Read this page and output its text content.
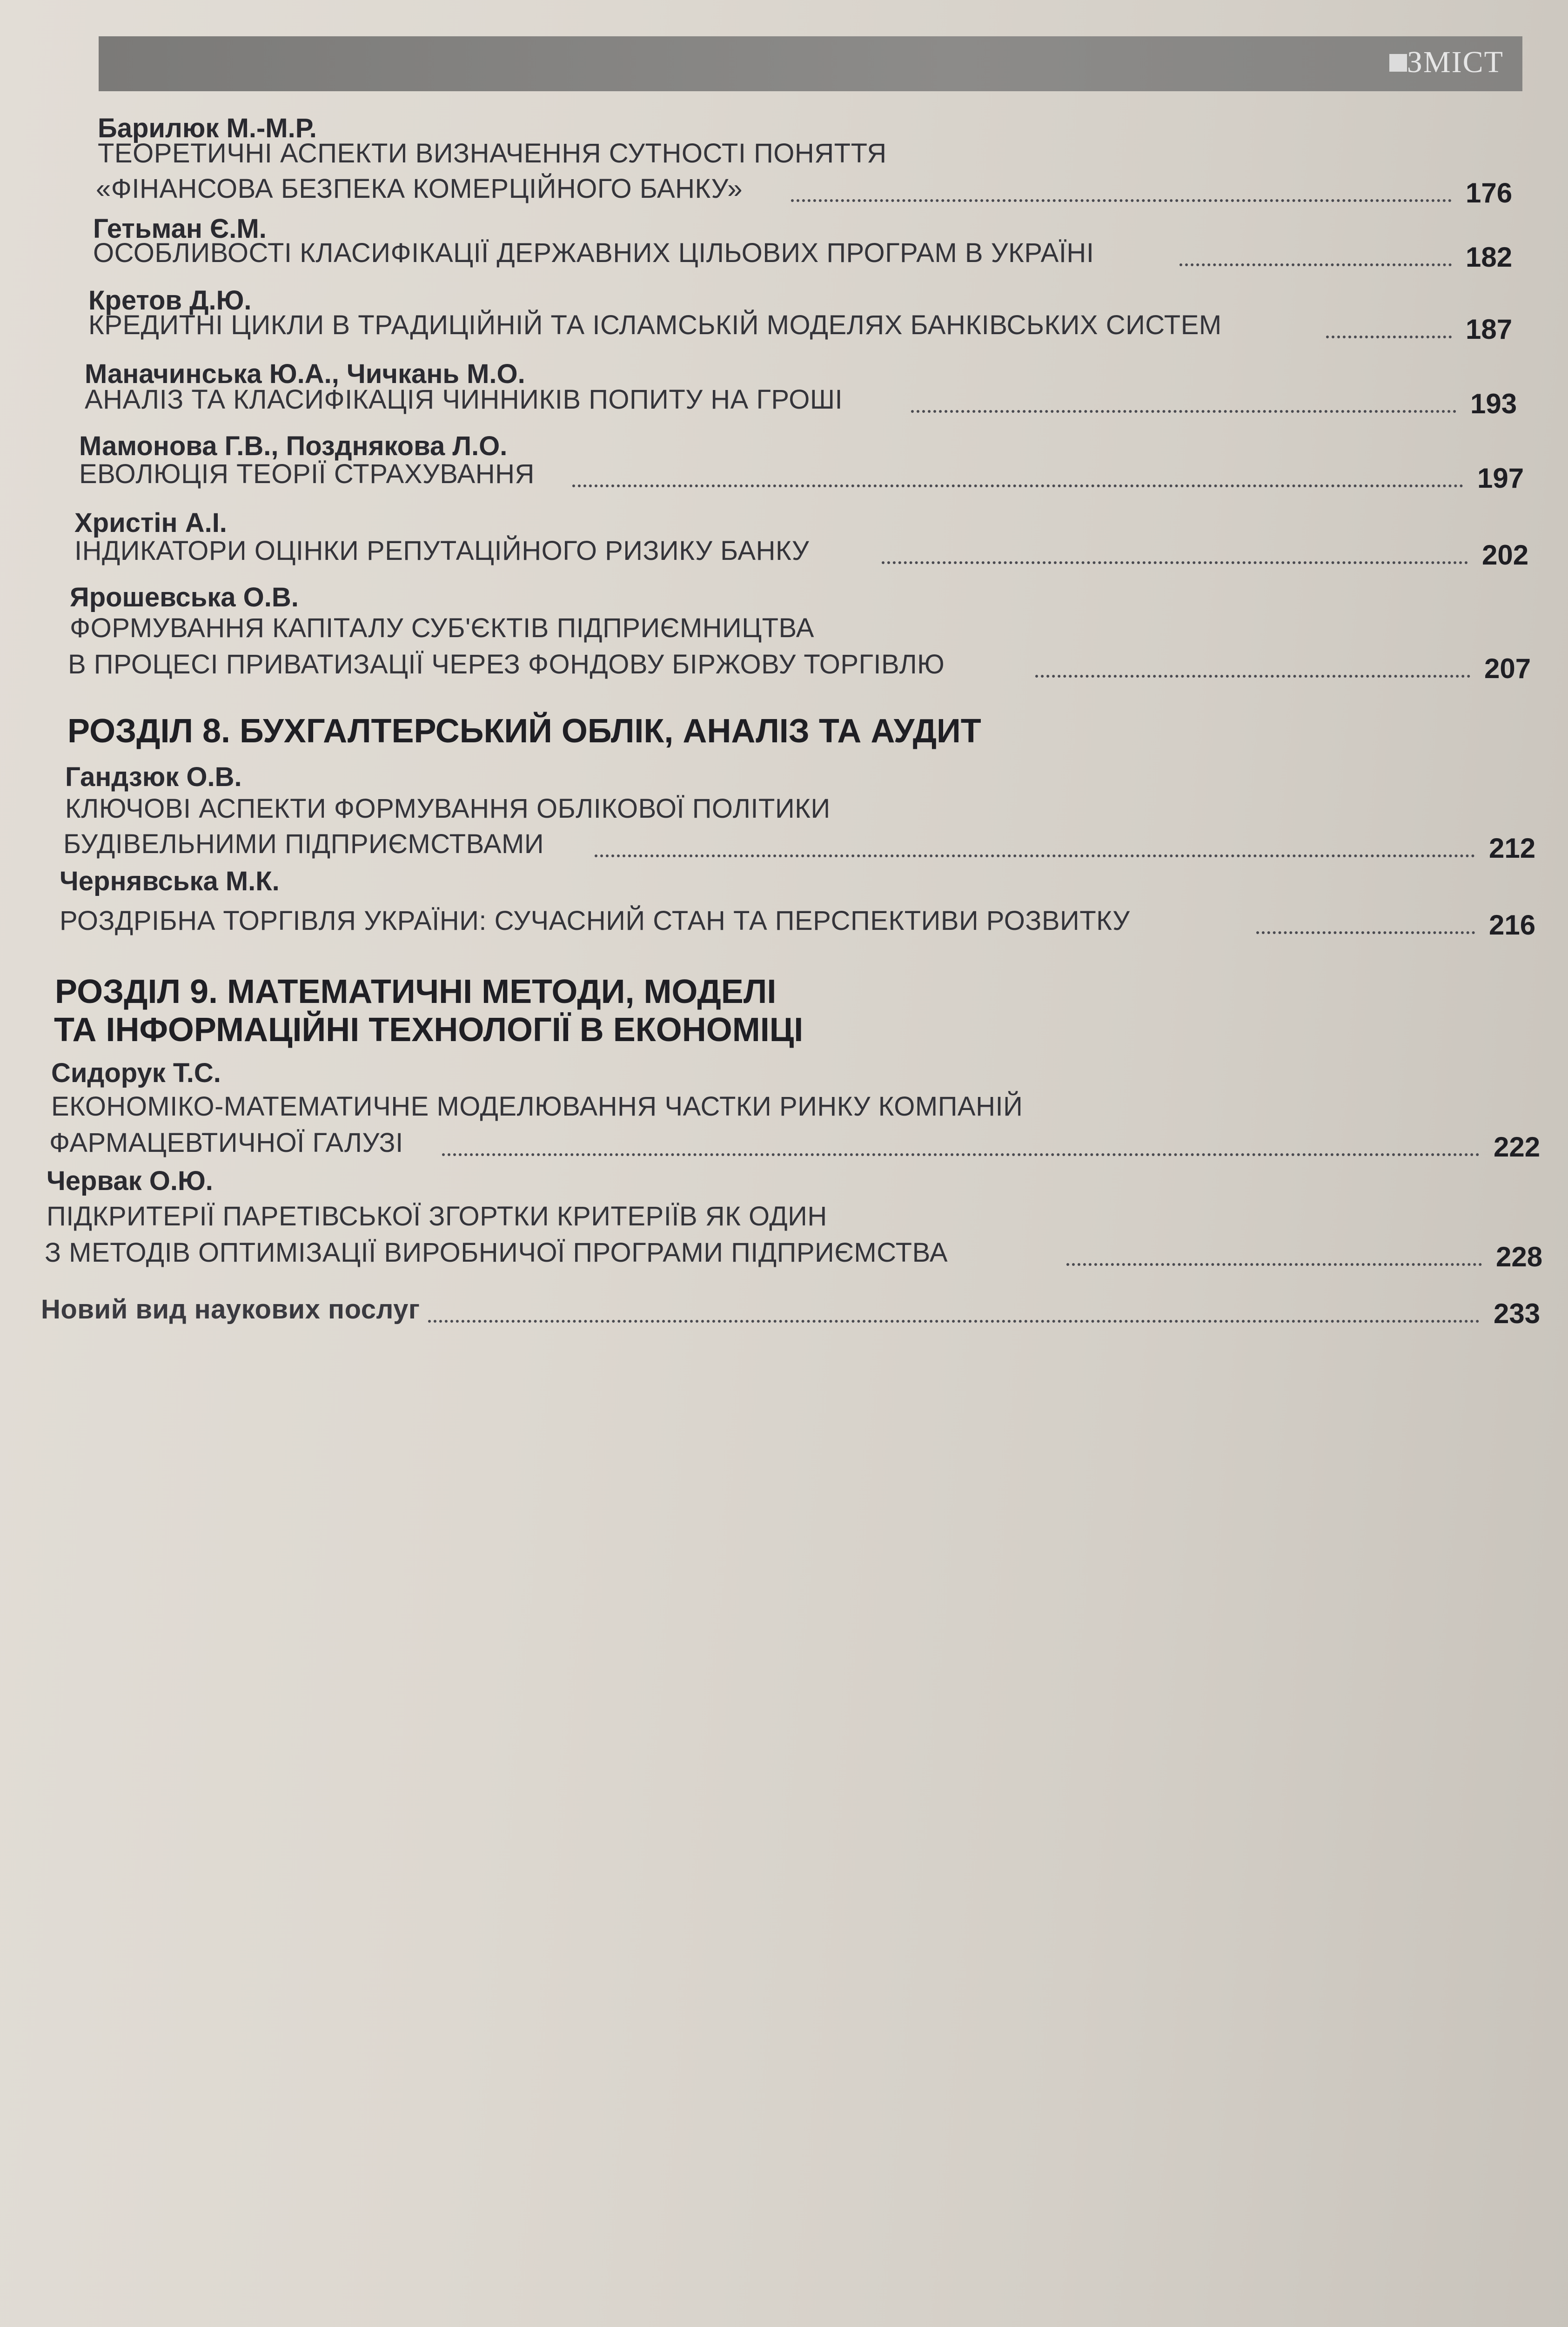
ЗМІСТ
Барилюк М.-М.Р.
ТЕОРЕТИЧНІ АСПЕКТИ ВИЗНАЧЕННЯ СУТНОСТІ ПОНЯТТЯ
«ФІНАНСОВА БЕЗПЕКА КОМЕРЦІЙНОГО БАНКУ»	176
Гетьман Є.М.
ОСОБЛИВОСТІ КЛАСИФІКАЦІЇ ДЕРЖАВНИХ ЦІЛЬОВИХ ПРОГРАМ В УКРАЇНІ	182
Кретов Д.Ю.
КРЕДИТНІ ЦИКЛИ В ТРАДИЦІЙНІЙ ТА ІСЛАМСЬКІЙ МОДЕЛЯХ БАНКІВСЬКИХ СИСТЕМ	187
Маначинська Ю.А., Чичкань М.О.
АНАЛІЗ ТА КЛАСИФІКАЦІЯ ЧИННИКІВ ПОПИТУ НА ГРОШІ	193
Мамонова Г.В., Позднякова Л.О.
ЕВОЛЮЦІЯ ТЕОРІЇ СТРАХУВАННЯ	197
Христін А.І.
ІНДИКАТОРИ ОЦІНКИ РЕПУТАЦІЙНОГО РИЗИКУ БАНКУ	202
Ярошевська О.В.
ФОРМУВАННЯ КАПІТАЛУ СУБ'ЄКТІВ ПІДПРИЄМНИЦТВА
В ПРОЦЕСІ ПРИВАТИЗАЦІЇ ЧЕРЕЗ ФОНДОВУ БІРЖОВУ ТОРГІВЛЮ	207
Гандзюк О.В.
КЛЮЧОВІ АСПЕКТИ ФОРМУВАННЯ ОБЛІКОВОЇ ПОЛІТИКИ
БУДІВЕЛЬНИМИ ПІДПРИЄМСТВАМИ	212
Чернявська М.К.
РОЗДРІБНА ТОРГІВЛЯ УКРАЇНИ: СУЧАСНИЙ СТАН ТА ПЕРСПЕКТИВИ РОЗВИТКУ	216
Сидорук Т.С.
ЕКОНОМІКО-МАТЕМАТИЧНЕ МОДЕЛЮВАННЯ ЧАСТКИ РИНКУ КОМПАНІЙ
ФАРМАЦЕВТИЧНОЇ ГАЛУЗІ	222
Червак О.Ю.
ПІДКРИТЕРІЇ ПАРЕТІВСЬКОЇ ЗГОРТКИ КРИТЕРІЇВ ЯК ОДИН
З МЕТОДІВ ОПТИМІЗАЦІЇ ВИРОБНИЧОЇ ПРОГРАМИ ПІДПРИЄМСТВА	228
Новий вид наукових послуг	233
РОЗДІЛ 8. БУХГАЛТЕРСЬКИЙ ОБЛІК, АНАЛІЗ ТА АУДИТ
РОЗДІЛ 9. МАТЕМАТИЧНІ МЕТОДИ, МОДЕЛІ
ТА ІНФОРМАЦІЙНІ ТЕХНОЛОГІЇ В ЕКОНОМІЦІ
